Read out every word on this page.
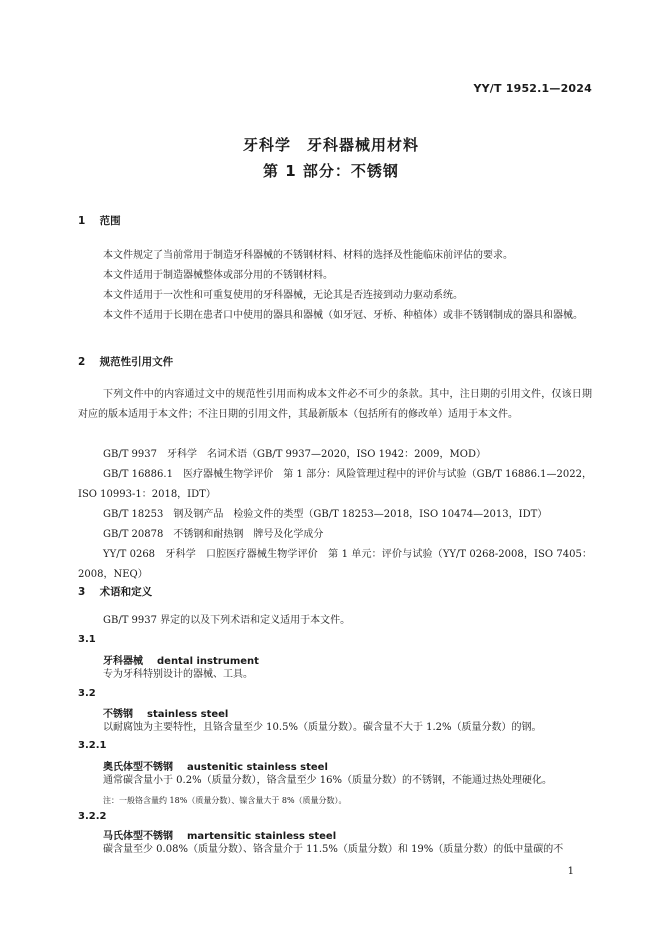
YY/T 1952.1—2024
牙科学　牙科器械用材料
第 1 部分：不锈钢
1 范围
本文件规定了当前常用于制造牙科器械的不锈钢材料、材料的选择及性能临床前评估的要求。
本文件适用于制造器械整体或部分用的不锈钢材料。
本文件适用于一次性和可重复使用的牙科器械，无论其是否连接到动力驱动系统。
本文件不适用于长期在患者口中使用的器具和器械（如牙冠、牙桥、种植体）或非不锈钢制成的器具和器械。
2 规范性引用文件
下列文件中的内容通过文中的规范性引用而构成本文件必不可少的条款。其中，注日期的引用文件，仅该日期对应的版本适用于本文件；不注日期的引用文件，其最新版本（包括所有的修改单）适用于本文件。
GB/T 9937　牙科学　名词术语（GB/T 9937—2020，ISO 1942：2009，MOD）
GB/T 16886.1　医疗器械生物学评价　第 1 部分：风险管理过程中的评价与试验（GB/T 16886.1—2022，ISO 10993-1：2018，IDT）
GB/T 18253　钢及钢产品　检验文件的类型（GB/T 18253—2018，ISO 10474—2013，IDT）
GB/T 20878　不锈钢和耐热钢　牌号及化学成分
YY/T 0268　牙科学　口腔医疗器械生物学评价　第 1 单元：评价与试验（YY/T 0268-2008，ISO 7405：2008，NEQ）
3 术语和定义
GB/T 9937 界定的以及下列术语和定义适用于本文件。
3.1
牙科器械 dental instrument
专为牙科特别设计的器械、工具。
3.2
不锈钢 stainless steel
以耐腐蚀为主要特性，且铬含量至少 10.5%（质量分数）。碳含量不大于 1.2%（质量分数）的钢。
3.2.1
奥氏体型不锈钢 austenitic stainless steel
通常碳含量小于 0.2%（质量分数），铬含量至少 16%（质量分数）的不锈钢，不能通过热处理硬化。
注：一般铬含量约 18%（质量分数）、镍含量大于 8%（质量分数）。
3.2.2
马氏体型不锈钢 martensitic stainless steel
碳含量至少 0.08%（质量分数）、铬含量介于 11.5%（质量分数）和 19%（质量分数）的低中量碳的不
1
